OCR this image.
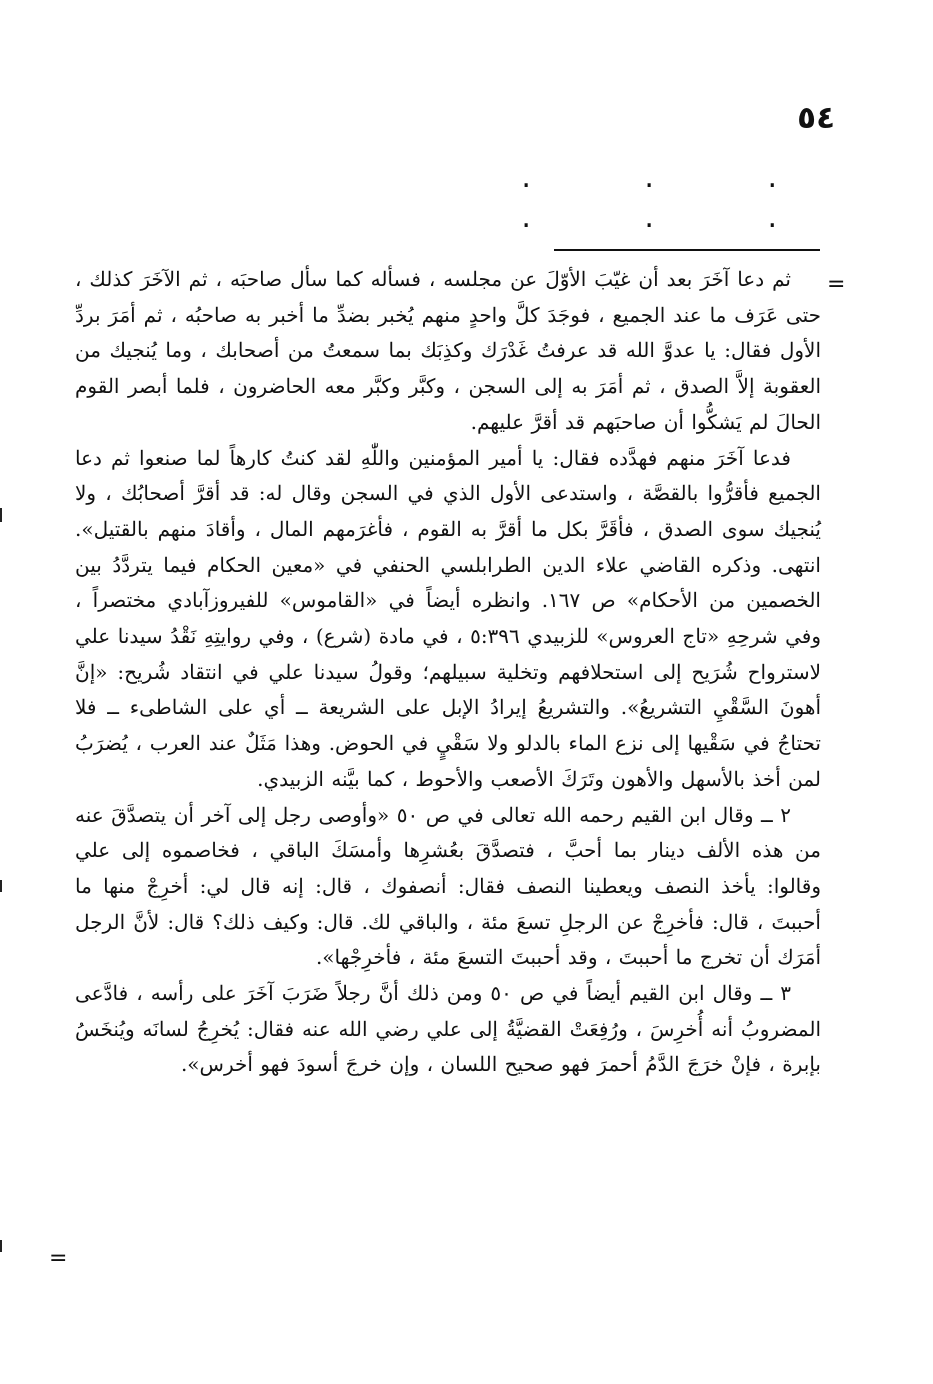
٥٤
. . . . . .
=

ثم دعا آخَرَ بعد أن غيّبَ الأوّلَ عن مجلسه ، فسأله كما سأل صاحبَه ، ثم الآخَرَ كذلك ، حتى عَرَف ما عند الجميع ، فوجَدَ كلَّ واحدٍ منهم يُخبر بضدِّ ما أخبر به صاحبُه ، ثم أمَرَ بردِّ الأول فقال: يا عدوَّ الله قد عرفتُ غَدْرَك وكذِبَك بما سمعتُ من أصحابك ، وما يُنجيك من العقوبة إلاَّ الصدق ، ثم أمَرَ به إلى السجن ، وكبَّر وكبَّر معه الحاضرون ، فلما أبصر القوم الحالَ لم يَشكُّوا أن صاحبَهم قد أقرَّ عليهم.

فدعا آخَرَ منهم فهدَّده فقال: يا أمير المؤمنين واللّٰهِ لقد كنتُ كارهاً لما صنعوا ثم دعا الجميع فأقرُّوا بالقصَّة ، واستدعى الأول الذي في السجن وقال له: قد أقرَّ أصحابُك ، ولا يُنجيك سوى الصدق ، فأقَرَّ بكل ما أقرَّ به القوم ، فأغرَمهم المال ، وأقادَ منهم بالقتيل». انتهى. وذكره القاضي علاء الدين الطرابلسي الحنفي في «معين الحكام فيما يتردَّدُ بين الخصمين من الأحكام» ص ١٦٧. وانظره أيضاً في «القاموس» للفيروزآبادي مختصراً ، وفي شرحِهِ «تاج العروس» للزبيدي ٥:٣٩٦ ، في مادة (شرع) ، وفي روايتِهِ نَقْدُ سيدنا علي لاسترواح شُرَيح إلى استحلافهم وتخلية سبيلهم؛ وقولُ سيدنا علي في انتقاد شُريح: «إنَّ أهونَ السَّقْيِ التشريعُ». والتشريعُ إيرادُ الإبل على الشريعة ــ أي على الشاطىء ــ فلا تحتاجُ في سَقْيها إلى نزع الماء بالدلو ولا سَقْيٍ في الحوض. وهذا مَثَلٌ عند العرب ، يُضرَبُ لمن أخذ بالأسهل والأهون وتَرَكَ الأصعب والأحوط ، كما بيَّنه الزبيدي.

٢ ــ وقال ابن القيم رحمه الله تعالى في ص ٥٠ «وأوصى رجل إلى آخر أن يتصدَّقَ عنه من هذه الألف دينار بما أحبَّ ، فتصدَّقَ بعُشرِها وأمسَكَ الباقي ، فخاصموه إلى علي وقالوا: يأخذ النصف ويعطينا النصف فقال: أنصفوك ، قال: إنه قال لي: أخرِجْ منها ما أحببتَ ، قال: فأخرِجْ عن الرجلِ تسعَ مئة ، والباقي لك. قال: وكيف ذلك؟ قال: لأنَّ الرجل أمَرَك أن تخرج ما أحببتَ ، وقد أحببتَ التسعَ مئة ، فأخرِجْها».

٣ ــ وقال ابن القيم أيضاً في ص ٥٠ ومن ذلك أنَّ رجلاً ضَرَبَ آخَرَ على رأسه ، فادَّعى المضروبُ أنه أُخرِسَ ، ورُفِعَتْ القضيَّةُ إلى علي رضي الله عنه فقال: يُخرِجُ لسانَه ويُنخَسُ بإبرة ، فإنْ خرَجَ الدَّمُ أحمرَ فهو صحيح اللسان ، وإن خرجَ أسودَ فهو أخرس».

=
